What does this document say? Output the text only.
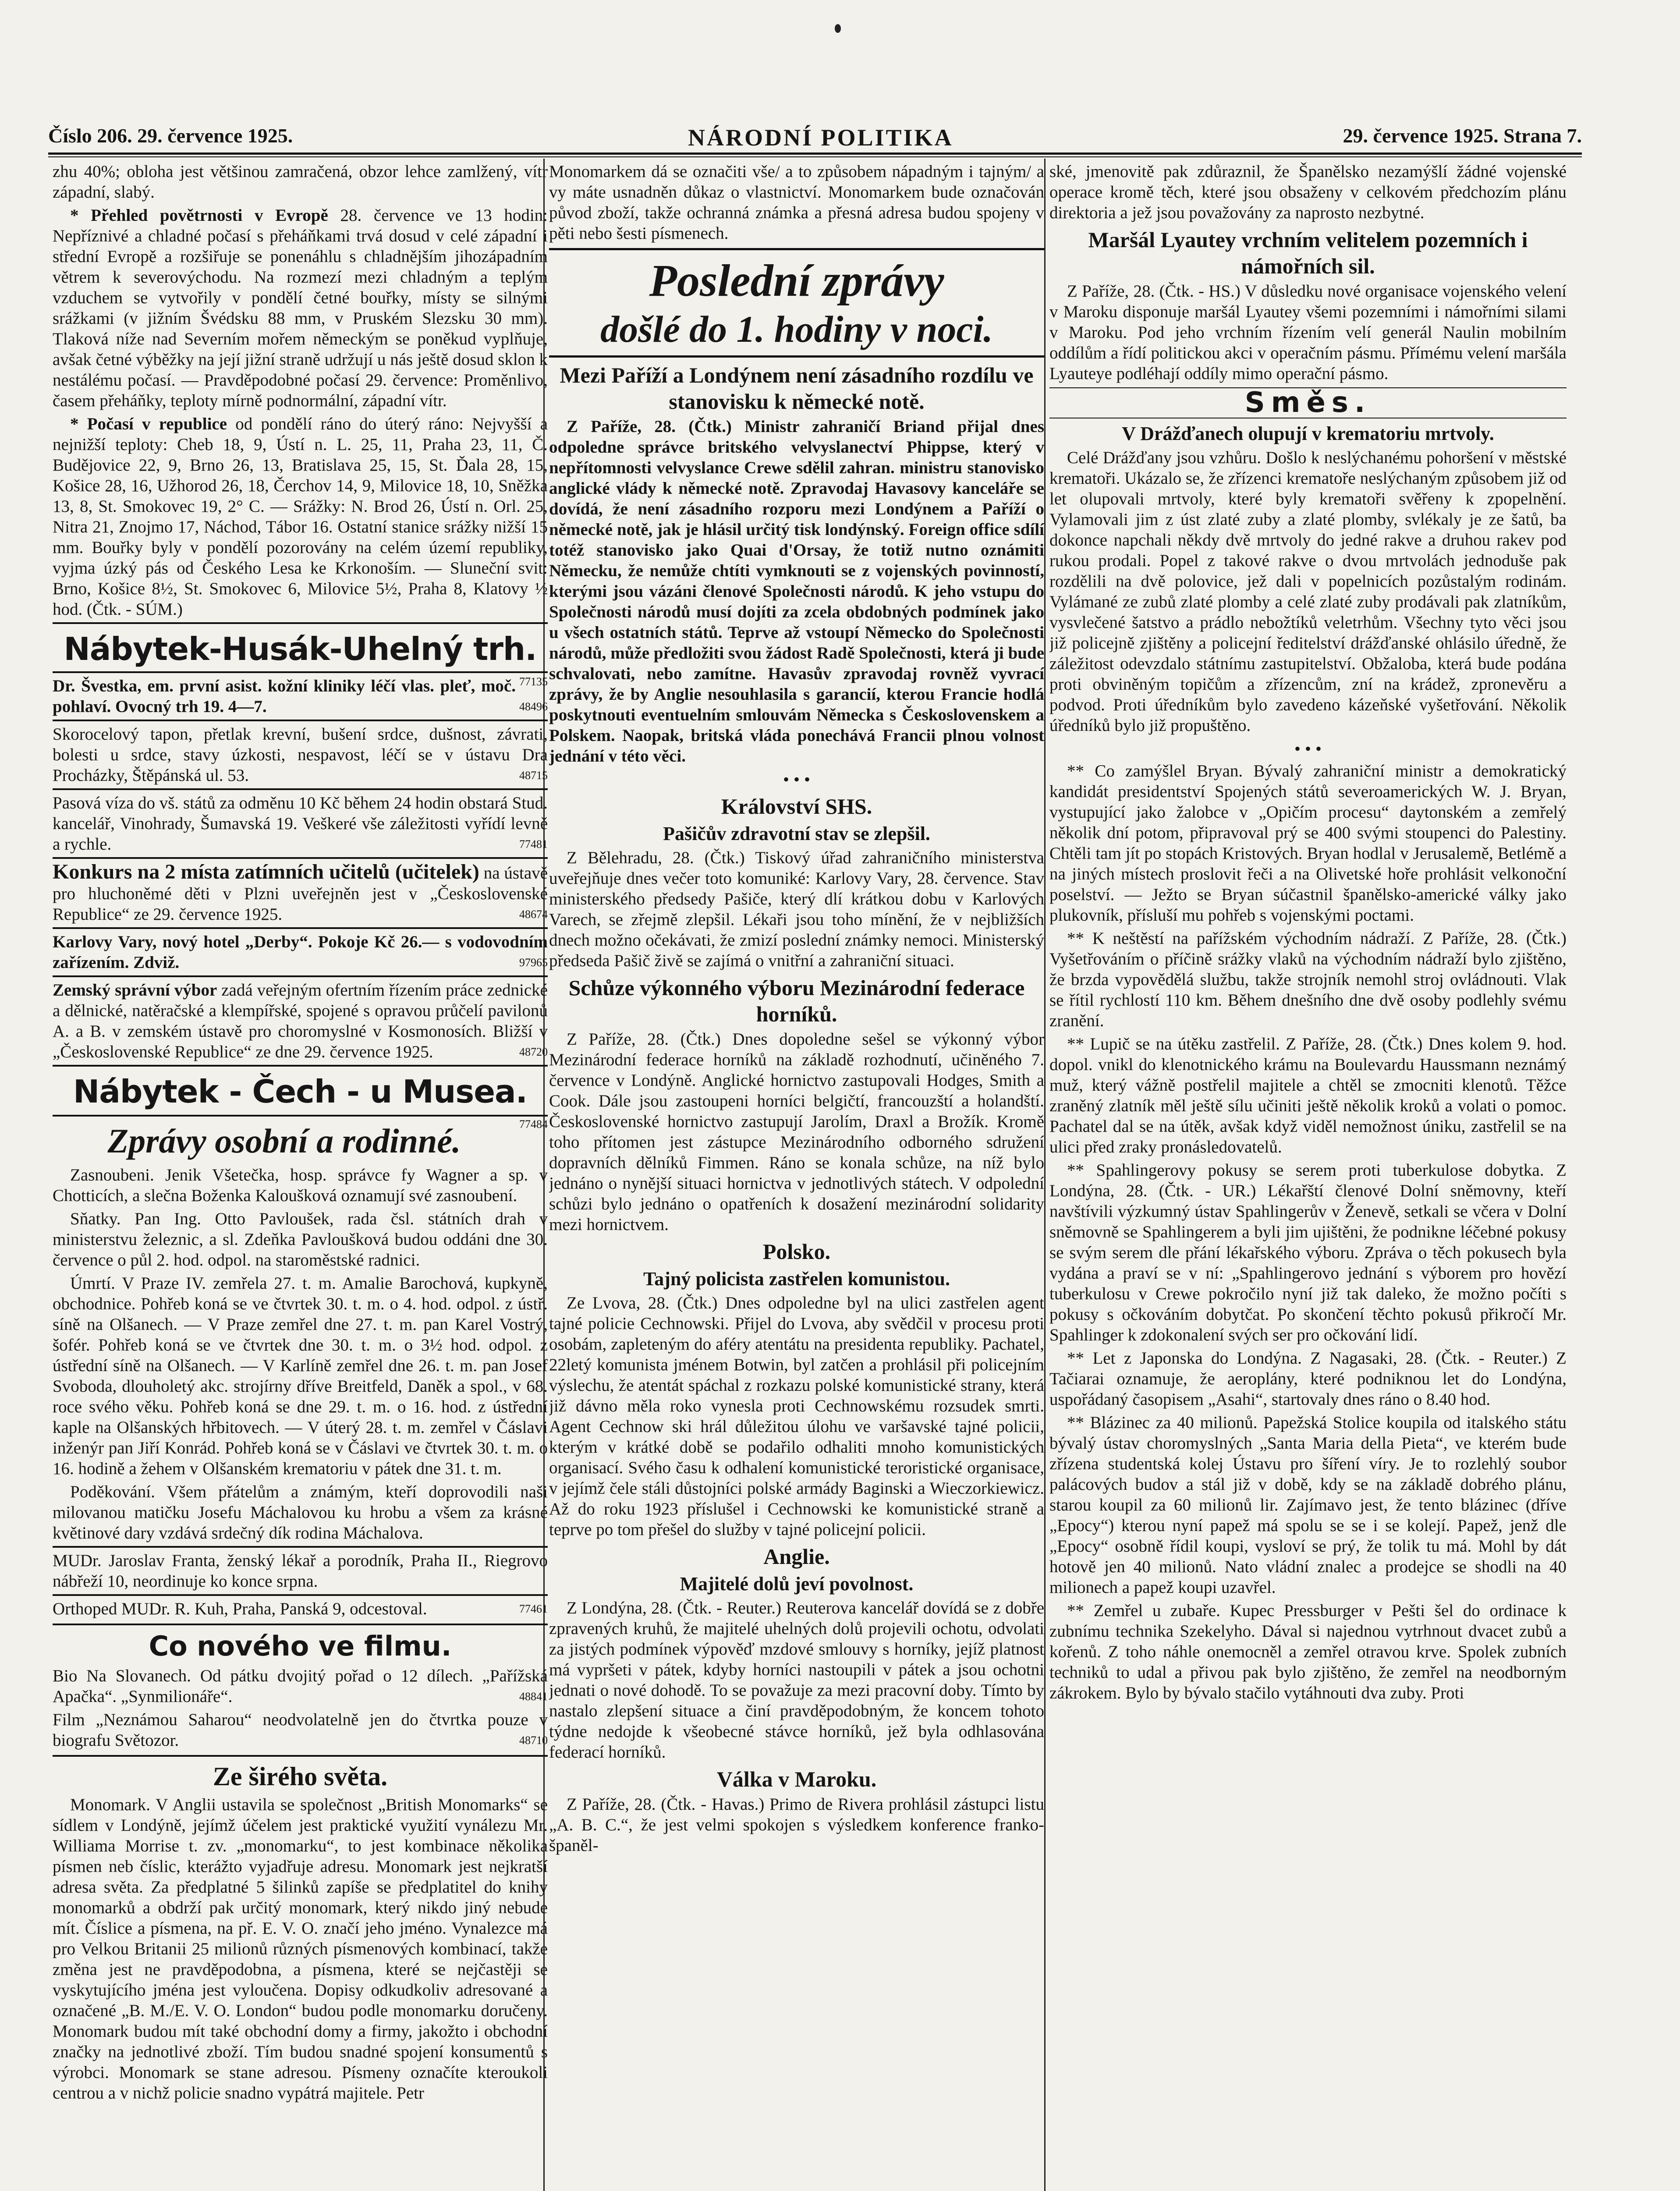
Číslo 206. 29. července 1925.	NÁRODNÍ POLITIKA	29. července 1925. Strana 7.

zhu 40%; obloha jest většinou zamračená, obzor lehce zamlžený, vítr západní, slabý.

* Přehled povětrnosti v Evropě 28. července ve 13 hodin: Nepříznivé a chladné počasí s přeháňkami trvá dosud v celé západní i střední Evropě a rozšiřuje se ponenáhlu s chladnějším jihozápadním větrem k severovýchodu. Na rozmezí mezi chladným a teplým vzduchem se vytvořily v pondělí četné bouřky, místy se silnými srážkami (v jižním Švédsku 88 mm, v Pruském Slezsku 30 mm). Tlaková níže nad Severním mořem německým se poněkud vyplňuje, avšak četné výběžky na její jižní straně udržují u nás ještě dosud sklon k nestálému počasí. — Pravděpodobné počasí 29. července: Proměnlivo, časem přeháňky, teploty mírně podnormální, západní vítr.

* Počasí v republice od pondělí ráno do úterý ráno: Nejvyšší a nejnižší teploty: Cheb 18, 9, Ústí n. L. 25, 11, Praha 23, 11, Č. Budějovice 22, 9, Brno 26, 13, Bratislava 25, 15, St. Ďala 28, 15, Košice 28, 16, Užhorod 26, 18, Čerchov 14, 9, Milovice 18, 10, Sněžka 13, 8, St. Smokovec 19, 2° C. — Srážky: N. Brod 26, Ústí n. Orl. 25, Nitra 21, Znojmo 17, Náchod, Tábor 16. Ostatní stanice srážky nižší 15 mm. Bouřky byly v pondělí pozorovány na celém území republiky, vyjma úzký pás od Českého Lesa ke Krkonoším. — Sluneční svit: Brno, Košice 8½, St. Smokovec 6, Milovice 5½, Praha 8, Klatovy ½ hod. (Čtk. - SÚM.)

Nábytek-Husák-Uhelný trh.
77135
Dr. Švestka, em. první asist. kožní kliniky léčí vlas. pleť, moč. pohlaví. Ovocný trh 19. 4—7.	48496
Skorocelový tapon, přetlak krevní, bušení srdce, dušnost, závrati, bolesti u srdce, stavy úzkosti, nespavost, léčí se v ústavu Dra Procházky, Štěpánská ul. 53.	48715
Pasová víza do vš. států za odměnu 10 Kč během 24 hodin obstará Stud. kancelář, Vinohrady, Šumavská 19. Veškeré vše záležitosti vyřídí levně a rychle.	77481
Konkurs na 2 místa zatímních učitelů (učitelek) na ústavě pro hluchoněmé děti v Plzni uveřejněn jest v „Československé Republice“ ze 29. července 1925.	48674
Karlovy Vary, nový hotel „Derby“. Pokoje Kč 26.— s vodovodním zařízením. Zdviž.	97965
Zemský správní výbor zadá veřejným ofertním řízením práce zednické a dělnické, natěračské a klempířské, spojené s opravou průčelí pavilonů A. a B. v zemském ústavě pro choromyslné v Kosmonosích. Bližší v „Československé Republice“ ze dne 29. července 1925.	48720
Nábytek - Čech - u Musea.
77484
Zprávy osobní a rodinné.

Zasnoubeni. Jenik Všetečka, hosp. správce fy Wagner a sp. v Chotticích, a slečna Boženka Kaloušková oznamují své zasnoubení.

Sňatky. Pan Ing. Otto Pavloušek, rada čsl. státních drah v ministerstvu železnic, a sl. Zdeňka Pavloušková budou oddáni dne 30. července o půl 2. hod. odpol. na staroměstské radnici.

Úmrtí. V Praze IV. zemřela 27. t. m. Amalie Barochová, kupkyně, obchodnice. Pohřeb koná se ve čtvrtek 30. t. m. o 4. hod. odpol. z ústř. síně na Olšanech. — V Praze zemřel dne 27. t. m. pan Karel Vostrý, šofér. Pohřeb koná se ve čtvrtek dne 30. t. m. o 3½ hod. odpol. z ústřední síně na Olšanech. — V Karlíně zemřel dne 26. t. m. pan Josef Svoboda, dlouholetý akc. strojírny dříve Breitfeld, Daněk a spol., v 68. roce svého věku. Pohřeb koná se dne 29. t. m. o 16. hod. z ústřední kaple na Olšanských hřbitovech. — V úterý 28. t. m. zemřel v Čáslavi inženýr pan Jiří Konrád. Pohřeb koná se v Čáslavi ve čtvrtek 30. t. m. o 16. hodině a žehem v Olšanském krematoriu v pátek dne 31. t. m.

Poděkování. Všem přátelům a známým, kteří doprovodili naši milovanou matičku Josefu Máchalovou ku hrobu a všem za krásné květinové dary vzdává srdečný dík rodina Máchalova.

MUDr. Jaroslav Franta, ženský lékař a porodník, Praha II., Riegrovo nábřeží 10, neordinuje ko konce srpna.
Orthoped MUDr. R. Kuh, Praha, Panská 9, odcestoval.	77461
Co nového ve filmu.

Bio Na Slovanech. Od pátku dvojitý pořad o 12 dílech. „Pařížská Apačka“. „Synmilionáře“.	48841

Film „Neznámou Saharou“ neodvolatelně jen do čtvrtka pouze v biografu Světozor.	48710

Ze širého světa.

Monomark. V Anglii ustavila se společnost „British Monomarks“ se sídlem v Londýně, jejímž účelem jest praktické využití vynálezu Mr. Williama Morrise t. zv. „monomarku“, to jest kombinace několika písmen neb číslic, kterážto vyjadřuje adresu. Monomark jest nejkratší adresa světa. Za předplatné 5 šilinků zapíše se předplatitel do knihy monomarků a obdrží pak určitý monomark, který nikdo jiný nebude mít. Číslice a písmena, na př. E. V. O. značí jeho jméno. Vynalezce má pro Velkou Britanii 25 milionů různých písmenových kombinací, takže změna jest ne pravděpodobna, a písmena, které se nejčastěji se vyskytujícího jména jest vyloučena. Dopisy odkudkoliv adresované a označené „B. M./E. V. O. London“ budou podle monomarku doručeny. Monomark budou mít také obchodní domy a firmy, jakožto i obchodní značky na jednotlivé zboží. Tím budou snadné spojení konsumentů s výrobci. Monomark se stane adresou. Písmeny označíte kteroukoli centrou a v nichž policie snadno vypátrá majitele. Petr

Monomarkem dá se označiti vše/ a to způsobem nápadným i tajným/ a vy máte usnadněn důkaz o vlastnictví. Monomarkem bude označován původ zboží, takže ochranná známka a přesná adresa budou spojeny v pěti nebo šesti písmenech.

Poslední zprávy
došlé do 1. hodiny v noci.
Mezi Paříží a Londýnem není zásadního rozdílu ve stanovisku k německé notě.

Z Paříže, 28. (Čtk.) Ministr zahraničí Briand přijal dnes odpoledne správce britského velvyslanectví Phippse, který v nepřítomnosti velvyslance Crewe sdělil zahran. ministru stanovisko anglické vlády k německé notě. Zpravodaj Havasovy kanceláře se dovídá, že není zásadního rozporu mezi Londýnem a Paříží o německé notě, jak je hlásil určitý tisk londýnský. Foreign office sdílí totéž stanovisko jako Quai d'Orsay, že totiž nutno oznámiti Německu, že nemůže chtíti vymknouti se z vojenských povinností, kterými jsou vázáni členové Společnosti národů. K jeho vstupu do Společnosti národů musí dojíti za zcela obdobných podmínek jako u všech ostatních států. Teprve až vstoupí Německo do Společnosti národů, může předložiti svou žádost Radě Společnosti, která ji bude schvalovati, nebo zamítne. Havasův zpravodaj rovněž vyvrací zprávy, že by Anglie nesouhlasila s garancií, kterou Francie hodlá poskytnouti eventuelním smlouvám Německa s Československem a Polskem. Naopak, britská vláda ponechává Francii plnou volnost jednání v této věci.

• • •
Království SHS.
Pašičův zdravotní stav se zlepšil.

Z Bělehradu, 28. (Čtk.) Tiskový úřad zahraničního ministerstva uveřejňuje dnes večer toto komuniké: Karlovy Vary, 28. července. Stav ministerského předsedy Pašiče, který dlí krátkou dobu v Karlových Varech, se zřejmě zlepšil. Lékaři jsou toho mínění, že v nejbližších dnech možno očekávati, že zmizí poslední známky nemoci. Ministerský předseda Pašič živě se zajímá o vnitřní a zahraniční situaci.

Schůze výkonného výboru Mezinárodní federace horníků.

Z Paříže, 28. (Čtk.) Dnes dopoledne sešel se výkonný výbor Mezinárodní federace horníků na základě rozhodnutí, učiněného 7. července v Londýně. Anglické hornictvo zastupovali Hodges, Smith a Cook. Dále jsou zastoupeni horníci belgičtí, francouzští a holandští. Československé hornictvo zastupují Jarolím, Draxl a Brožík. Kromě toho přítomen jest zástupce Mezinárodního odborného sdružení dopravních dělníků Fimmen. Ráno se konala schůze, na níž bylo jednáno o nynější situaci hornictva v jednotlivých státech. V odpolední schůzi bylo jednáno o opatřeních k dosažení mezinárodní solidarity mezi hornictvem.

Polsko.
Tajný policista zastřelen komunistou.

Ze Lvova, 28. (Čtk.) Dnes odpoledne byl na ulici zastřelen agent tajné policie Cechnowski. Přijel do Lvova, aby svědčil v procesu proti osobám, zapleteným do aféry atentátu na presidenta republiky. Pachatel, 22letý komunista jménem Botwin, byl zatčen a prohlásil při policejním výslechu, že atentát spáchal z rozkazu polské komunistické strany, která již dávno měla roko vynesla proti Cechnowskému rozsudek smrti. Agent Cechnow ski hrál důležitou úlohu ve varšavské tajné policii, kterým v krátké době se podařilo odhaliti mnoho komunistických organisací. Svého času k odhalení komunistické teroristické organisace, v jejímž čele stáli důstojníci polské armády Baginski a Wieczorkiewicz. Až do roku 1923 příslušel i Cechnowski ke komunistické straně a teprve po tom přešel do služby v tajné policejní policii.

Anglie.
Majitelé dolů jeví povolnost.

Z Londýna, 28. (Čtk. - Reuter.) Reuterova kancelář dovídá se z dobře zpravených kruhů, že majitelé uhelných dolů projevili ochotu, odvolati za jistých podmínek výpověď mzdové smlouvy s horníky, jejíž platnost má vypršeti v pátek, kdyby horníci nastoupili v pátek a jsou ochotni jednati o nové dohodě. To se považuje za mezi pracovní doby. Tímto by nastalo zlepšení situace a činí pravděpodobným, že koncem tohoto týdne nedojde k všeobecné stávce horníků, jež byla odhlasována federací horníků.

Válka v Maroku.

Z Paříže, 28. (Čtk. - Havas.) Primo de Rivera prohlásil zástupci listu „A. B. C.“, že jest velmi spokojen s výsledkem konference franko-španěl-

ské, jmenovitě pak zdůraznil, že Španělsko nezamýšlí žádné vojenské operace kromě těch, které jsou obsaženy v celkovém předchozím plánu direktoria a jež jsou považovány za naprosto nezbytné.

Maršál Lyautey vrchním velitelem pozemních i námořních sil.

Z Paříže, 28. (Čtk. - HS.) V důsledku nové organisace vojenského velení v Maroku disponuje maršál Lyautey všemi pozemními i námořními silami v Maroku. Pod jeho vrchním řízením velí generál Naulin mobilním oddílům a řídí politickou akci v operačním pásmu. Přímému velení maršála Lyauteye podléhají oddíly mimo operační pásmo.

Směs.
V Drážďanech olupují v krematoriu mrtvoly.

Celé Drážďany jsou vzhůru. Došlo k neslýchanému pohoršení v městské krematoři. Ukázalo se, že zřízenci krematoře neslýchaným způsobem již od let olupovali mrtvoly, které byly krematoři svěřeny k zpopelnění. Vylamovali jim z úst zlaté zuby a zlaté plomby, svlékaly je ze šatů, ba dokonce napchali někdy dvě mrtvoly do jedné rakve a druhou rakev pod rukou prodali. Popel z takové rakve o dvou mrtvolách jednoduše pak rozdělili na dvě polovice, jež dali v popelnicích pozůstalým rodinám. Vylámané ze zubů zlaté plomby a celé zlaté zuby prodávali pak zlatníkům, vysvlečené šatstvo a prádlo nebožtíků veletrhům. Všechny tyto věci jsou již policejně zjištěny a policejní ředitelství drážďanské ohlásilo úředně, že záležitost odevzdalo státnímu zastupitelství. Obžaloba, která bude podána proti obviněným topičům a zřízencům, zní na krádež, zpronevěru a podvod. Proti úředníkům bylo zavedeno kázeňské vyšetřování. Několik úředníků bylo již propuštěno.

• • •

** Co zamýšlel Bryan. Bývalý zahraniční ministr a demokratický kandidát presidentství Spojených států severoamerických W. J. Bryan, vystupující jako žalobce v „Opičím procesu“ daytonském a zemřelý několik dní potom, připravoval prý se 400 svými stoupenci do Palestiny. Chtěli tam jít po stopách Kristových. Bryan hodlal v Jerusalemě, Betlémě a na jiných místech proslovit řeči a na Olivetské hoře prohlásit velkonoční poselství. — Ježto se Bryan súčastnil španělsko-americké války jako plukovník, přísluší mu pohřeb s vojenskými poctami.

** K neštěstí na pařížském východním nádraží. Z Paříže, 28. (Čtk.) Vyšetřováním o příčině srážky vlaků na východním nádraží bylo zjištěno, že brzda vypovědělá službu, takže strojník nemohl stroj ovládnouti. Vlak se řítil rychlostí 110 km. Během dnešního dne dvě osoby podlehly svému zranění.

** Lupič se na útěku zastřelil. Z Paříže, 28. (Čtk.) Dnes kolem 9. hod. dopol. vnikl do klenotnického krámu na Boulevardu Haussmann neznámý muž, který vážně postřelil majitele a chtěl se zmocniti klenotů. Těžce zraněný zlatník měl ještě sílu učiniti ještě několik kroků a volati o pomoc. Pachatel dal se na útěk, avšak když viděl nemožnost úniku, zastřelil se na ulici před zraky pronásledovatelů.

** Spahlingerovy pokusy se serem proti tuberkulose dobytka. Z Londýna, 28. (Čtk. - UR.) Lékařští členové Dolní sněmovny, kteří navštívili výzkumný ústav Spahlingerův v Ženevě, setkali se včera v Dolní sněmovně se Spahlingerem a byli jim ujištěni, že podnikne léčebné pokusy se svým serem dle přání lékařského výboru. Zpráva o těch pokusech byla vydána a praví se v ní: „Spahlingerovo jednání s výborem pro hovězí tuberkulosu v Crewe pokročilo nyní již tak daleko, že možno počíti s pokusy s očkováním dobytčat. Po skončení těchto pokusů přikročí Mr. Spahlinger k zdokonalení svých ser pro očkování lidí.

** Let z Japonska do Londýna. Z Nagasaki, 28. (Čtk. - Reuter.) Z Tačiarai oznamuje, že aeroplány, které podniknou let do Londýna, uspořádaný časopisem „Asahi“, startovaly dnes ráno o 8.40 hod.

** Blázinec za 40 milionů. Papežská Stolice koupila od italského státu bývalý ústav choromyslných „Santa Maria della Pieta“, ve kterém bude zřízena studentská kolej Ústavu pro šíření víry. Je to rozlehlý soubor palácových budov a stál již v době, kdy se na základě dobrého plánu, starou koupil za 60 milionů lir. Zajímavo jest, že tento blázinec (dříve „Epocy“) kterou nyní papež má spolu se se i se kolejí. Papež, jenž dle „Epocy“ osobně řídil koupi, vysloví se prý, že tolik tu má. Mohl by dát hotově jen 40 milionů. Nato vládní znalec a prodejce se shodli na 40 milionech a papež koupi uzavřel.

** Zemřel u zubaře. Kupec Pressburger v Pešti šel do ordinace k zubnímu technika Szekelyho. Dával si najednou vytrhnout dvacet zubů a kořenů. Z toho náhle onemocněl a zemřel otravou krve. Spolek zubních techniků to udal a přivou pak bylo zjištěno, že zemřel na neodborným zákrokem. Bylo by bývalo stačilo vytáhnouti dva zuby. Proti
